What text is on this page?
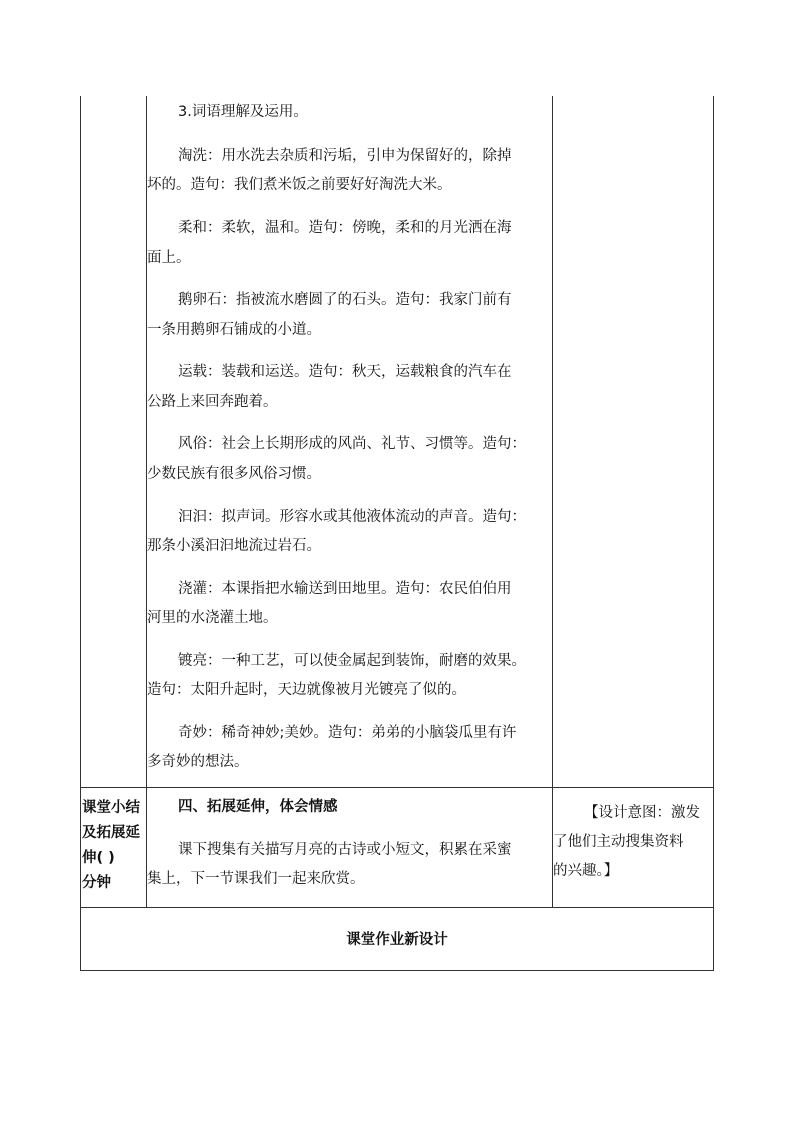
3.词语理解及运用。
淘洗：用水洗去杂质和污垢，引申为保留好的，除掉
坏的。造句：我们煮米饭之前要好好淘洗大米。
柔和：柔软，温和。造句：傍晚，柔和的月光洒在海
面上。
鹅卵石：指被流水磨圆了的石头。造句：我家门前有
一条用鹅卵石铺成的小道。
运载：装载和运送。造句：秋天，运载粮食的汽车在
公路上来回奔跑着。
风俗：社会上长期形成的风尚、礼节、习惯等。造句：
少数民族有很多风俗习惯。
汩汩：拟声词。形容水或其他液体流动的声音。造句：
那条小溪汩汩地流过岩石。
浇灌：本课指把水输送到田地里。造句：农民伯伯用
河里的水浇灌土地。
镀亮：一种工艺，可以使金属起到装饰，耐磨的效果。
造句：太阳升起时，天边就像被月光镀亮了似的。
奇妙：稀奇神妙;美妙。造句：弟弟的小脑袋瓜里有许
多奇妙的想法。
课堂小结
及拓展延
伸( )
分钟
四、拓展延伸，体会情感
课下搜集有关描写月亮的古诗或小短文，积累在采蜜
集上，下一节课我们一起来欣赏。
【设计意图：激发
了他们主动搜集资料
的兴趣。】
课堂作业新设计
